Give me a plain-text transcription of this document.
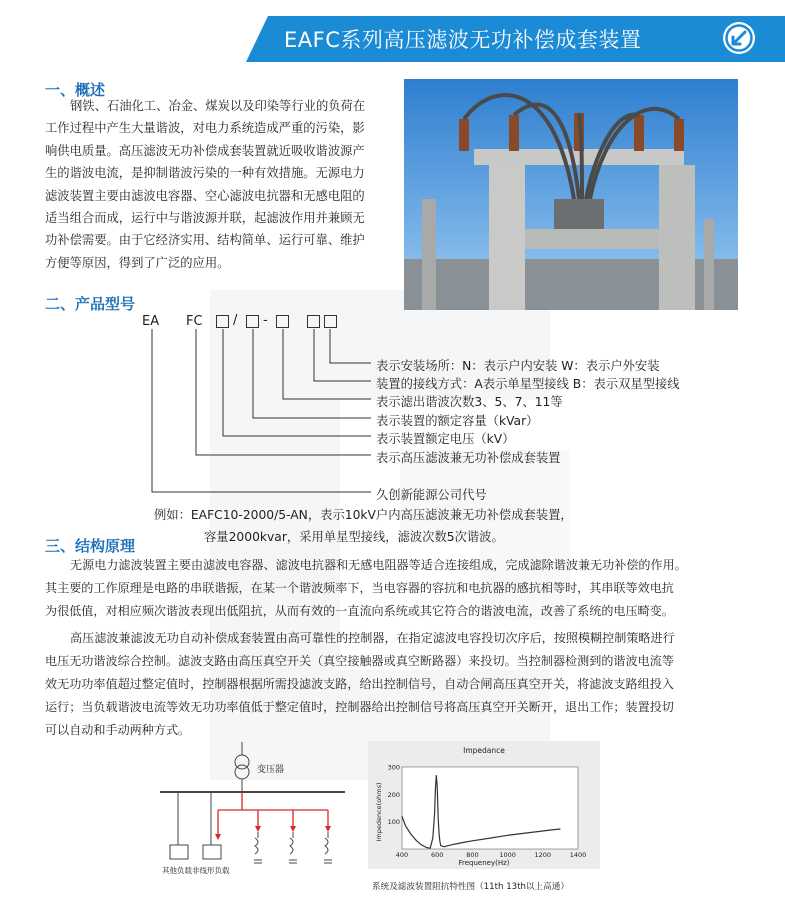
EAFC系列高压滤波无功补偿成套装置
一、概述
钢铁、石油化工、冶金、煤炭以及印染等行业的负荷在
工作过程中产生大量谐波，对电力系统造成严重的污染，影
响供电质量。高压滤波无功补偿成套装置就近吸收谐波源产
生的谐波电流，是抑制谐波污染的一种有效措施。无源电力
滤波装置主要由滤波电容器、空心滤波电抗器和无感电阻的
适当组合而成，运行中与谐波源并联，起滤波作用并兼顾无
功补偿需要。由于它经济实用、结构简单、运行可靠、维护
方便等原因，得到了广泛的应用。
二、产品型号
EA FC / -
表示安装场所：N：表示户内安装 W：表示户外安装
装置的接线方式：A表示单星型接线 B：表示双星型接线
表示滤出谐波次数3、5、7、11等
表示装置的额定容量（kVar）
表示装置额定电压（kV）
表示高压滤波兼无功补偿成套装置
久创新能源公司代号
例如：EAFC10-2000/5-AN，表示10kV户内高压滤波兼无功补偿成套装置，
容量2000kvar，采用单星型接线，滤波次数5次谐波。
三、结构原理
无源电力滤波装置主要由滤波电容器、滤波电抗器和无感电阻器等适合连接组成，完成滤除谐波兼无功补偿的作用。
其主要的工作原理是电路的串联谐振，在某一个谐波频率下，当电容器的容抗和电抗器的感抗相等时，其串联等效电抗
为很低值，对相应频次谐波表现出低阻抗，从而有效的一直流向系统或其它符合的谐波电流，改善了系统的电压畸变。
高压滤波兼滤波无功自动补偿成套装置由高可靠性的控制器，在指定滤波电容投切次序后，按照模糊控制策略进行
电压无功谐波综合控制。滤波支路由高压真空开关（真空接触器或真空断路器）来投切。当控制器检测到的谐波电流等
效无功功率值超过整定值时，控制器根据所需投滤波支路，给出控制信号，自动合闸高压真空开关，将滤波支路组投入
运行；当负载谐波电流等效无功功率值低于整定值时，控制器给出控制信号将高压真空开关断开，退出工作；装置投切
可以自动和手动两种方式。
变压器
其他负载非线形负载
400	600	800	1000	1200	1400
100
200
300
Impedance
Frequeney(Hz)
Impedence(ohms)
系统及滤波装置阻抗特性图（11th 13th以上高通）
